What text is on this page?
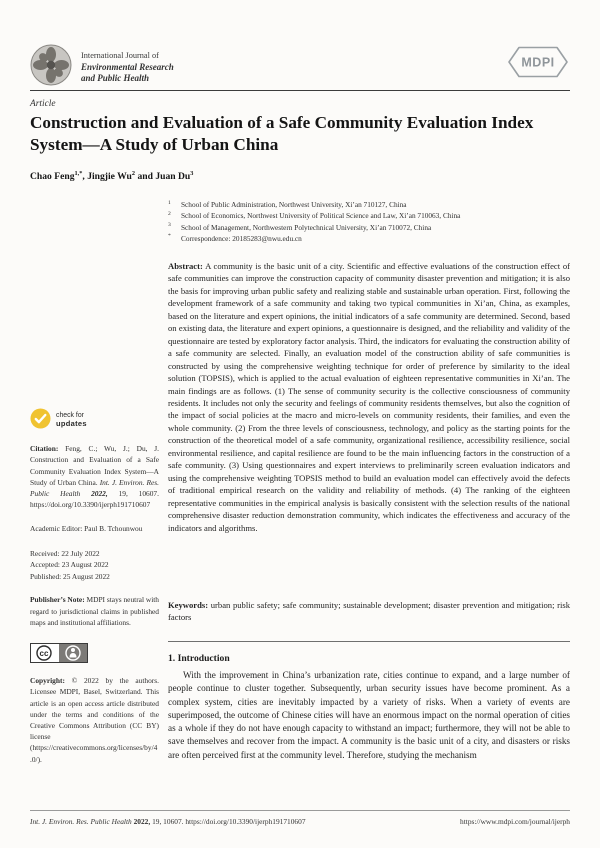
International Journal of
Environmental Research
and Public Health
MDPI
Article
Construction and Evaluation of a Safe Community Evaluation Index System—A Study of Urban China
Chao Feng$^{1,*}$, Jingjie Wu$^2$ and Juan Du$^3$
1	School of Public Administration, Northwest University, Xi’an 710127, China
2	School of Economics, Northwest University of Political Science and Law, Xi’an 710063, China
3	School of Management, Northwestern Polytechnical University, Xi’an 710072, China
*	Correspondence: 20185283@nwu.edu.cn

Abstract: A community is the basic unit of a city. Scientific and effective evaluations of the construction effect of safe communities can improve the construction capacity of community disaster prevention and mitigation; it is also the basis for improving urban public safety and realizing stable and sustainable urban operation. First, following the development framework of a safe community and taking two typical communities in Xi’an, China, as examples, based on the literature and expert opinions, the initial indicators of a safe community are determined. Second, based on existing data, the literature and expert opinions, a questionnaire is designed, and the reliability and validity of the questionnaire are tested by exploratory factor analysis. Third, the indicators for evaluating the construction ability of a safe community are selected. Finally, an evaluation model of the construction ability of safe communities is constructed by using the comprehensive weighting technique for order of preference by similarity to the ideal solution (TOPSIS), which is applied to the actual evaluation of eighteen representative communities in Xi’an. The main findings are as follows. (1) The sense of community security is the collective consciousness of community residents. It includes not only the security and feelings of community residents themselves, but also the cognition of the impact of social policies at the macro and micro-levels on community residents, their families, and even the whole community. (2) From the three levels of consciousness, technology, and policy as the starting points for the construction of the theoretical model of a safe community, organizational resilience, accessibility resilience, social environmental resilience, and capital resilience are found to be the main influencing factors in the construction of a safe community. (3) Using questionnaires and expert interviews to preliminarily screen evaluation indicators and using the comprehensive weighting TOPSIS method to build an evaluation model can effectively avoid the defects of traditional empirical research on the validity and reliability of methods. (4) The ranking of the eighteen representative communities in the empirical analysis is basically consistent with the selection results of the national comprehensive disaster reduction demonstration community, which indicates the effectiveness and accuracy of the indicators and algorithms.

Keywords: urban public safety; safe community; sustainable development; disaster prevention and mitigation; risk factors

1. Introduction

With the improvement in China’s urbanization rate, cities continue to expand, and a large number of people continue to cluster together. Subsequently, urban security issues have become prominent. As a complex system, cities are inevitably impacted by a variety of risks. When a variety of events are superimposed, the outcome of Chinese cities will have an enormous impact on the normal operation of cities as a whole if they do not have enough capacity to withstand an impact; furthermore, they will not be able to save themselves and recover from the impact. A community is the basic unit of a city, and disasters or risks are often perceived first at the community level. Therefore, studying the mechanism

check for
updates
Citation: Feng, C.; Wu, J.; Du, J. Construction and Evaluation of a Safe Community Evaluation Index System—A Study of Urban China. Int. J. Environ. Res. Public Health 2022, 19, 10607. https://doi.org/10.3390/ijerph191710607
Academic Editor: Paul B. Tchounwou
Received: 22 July 2022
Accepted: 23 August 2022
Published: 25 August 2022
Publisher’s Note: MDPI stays neutral with regard to jurisdictional claims in published maps and institutional affiliations.
cc
Copyright: © 2022 by the authors. Licensee MDPI, Basel, Switzerland. This article is an open access article distributed under the terms and conditions of the Creative Commons Attribution (CC BY) license (https://creativecommons.org/licenses/by/4.0/).
Int. J. Environ. Res. Public Health 2022, 19, 10607. https://doi.org/10.3390/ijerph191710607	https://www.mdpi.com/journal/ijerph
